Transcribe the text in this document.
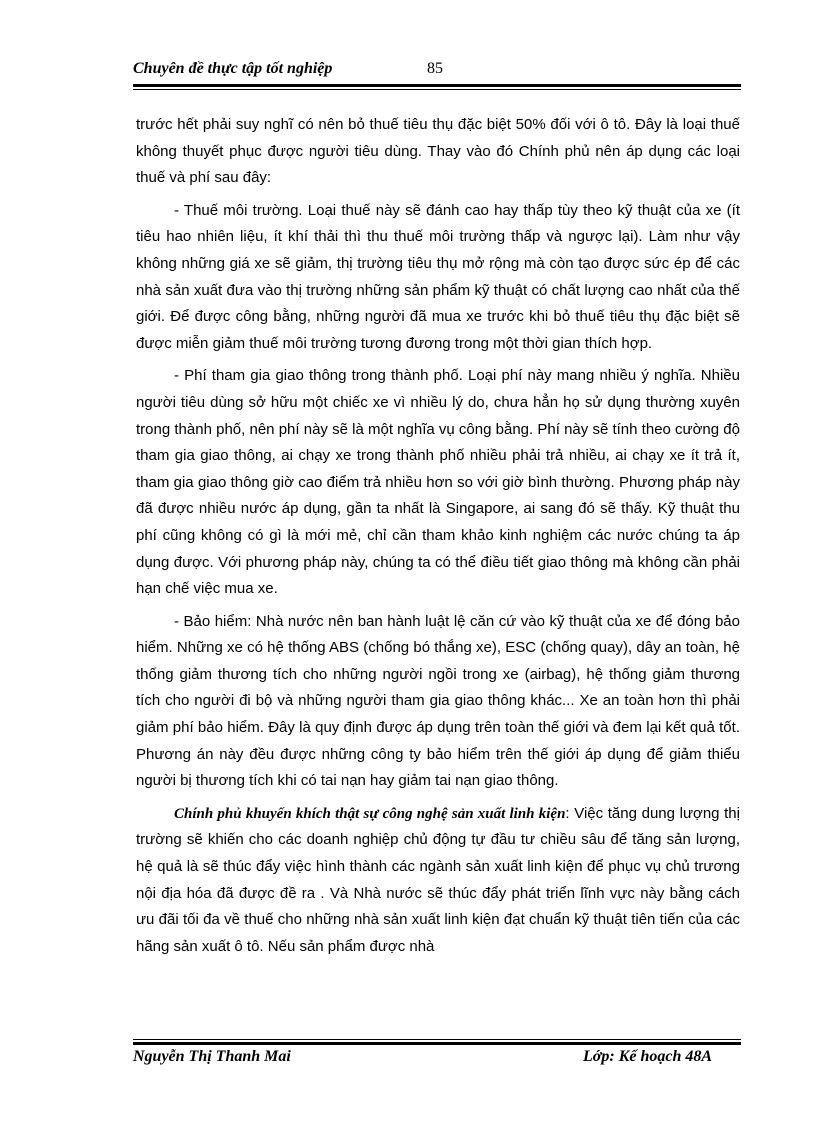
Chuyên đề thực tập tốt nghiệp	85

trước hết phải suy nghĩ có nên bỏ thuế tiêu thụ đặc biệt 50% đối với ô tô. Đây là loại thuế không thuyết phục được người tiêu dùng. Thay vào đó Chính phủ nên áp dụng các loại thuế và phí sau đây:

- Thuế môi trường. Loại thuế này sẽ đánh cao hay thấp tùy theo kỹ thuật của xe (ít tiêu hao nhiên liệu, ít khí thải thì thu thuế môi trường thấp và ngược lại). Làm như vậy không những giá xe sẽ giảm, thị trường tiêu thụ mở rộng mà còn tạo được sức ép để các nhà sản xuất đưa vào thị trường những sản phẩm kỹ thuật có chất lượng cao nhất của thế giới. Để được công bằng, những người đã mua xe trước khi bỏ thuế tiêu thụ đặc biệt sẽ được miễn giảm thuế môi trường tương đương trong một thời gian thích hợp.

- Phí tham gia giao thông trong thành phố. Loại phí này mang nhiều ý nghĩa. Nhiều người tiêu dùng sở hữu một chiếc xe vì nhiều lý do, chưa hẳn họ sử dụng thường xuyên trong thành phố, nên phí này sẽ là một nghĩa vụ công bằng. Phí này sẽ tính theo cường độ tham gia giao thông, ai chạy xe trong thành phố nhiều phải trả nhiều, ai chạy xe ít trả ít, tham gia giao thông giờ cao điểm trả nhiều hơn so với giờ bình thường. Phương pháp này đã được nhiều nước áp dụng, gần ta nhất là Singapore, ai sang đó sẽ thấy. Kỹ thuật thu phí cũng không có gì là mới mẻ, chỉ cần tham khảo kinh nghiệm các nước chúng ta áp dụng được. Với phương pháp này, chúng ta có thể điều tiết giao thông mà không cần phải hạn chế việc mua xe.

- Bảo hiểm: Nhà nước nên ban hành luật lệ căn cứ vào kỹ thuật của xe để đóng bảo hiểm. Những xe có hệ thống ABS (chống bó thắng xe), ESC (chống quay), dây an toàn, hệ thống giảm thương tích cho những người ngồi trong xe (airbag), hệ thống giảm thương tích cho người đi bộ và những người tham gia giao thông khác... Xe an toàn hơn thì phải giảm phí bảo hiểm. Đây là quy định được áp dụng trên toàn thế giới và đem lại kết quả tốt. Phương án này đều được những công ty bảo hiểm trên thế giới áp dụng để giảm thiểu người bị thương tích khi có tai nạn hay giảm tai nạn giao thông.

Chính phủ khuyến khích thật sự công nghệ sản xuất linh kiện: Việc tăng dung lượng thị trường sẽ khiến cho các doanh nghiệp chủ động tự đầu tư chiều sâu để tăng sản lượng, hệ quả là sẽ thúc đẩy việc hình thành các ngành sản xuất linh kiện để phục vụ chủ trương nội địa hóa đã được đề ra . Và Nhà nước sẽ thúc đẩy phát triển lĩnh vực này bằng cách ưu đãi tối đa về thuế cho những nhà sản xuất linh kiện đạt chuẩn kỹ thuật tiên tiến của các hãng sản xuất ô tô. Nếu sản phẩm được nhà

Nguyễn Thị Thanh Mai	Lớp: Kế hoạch 48A
